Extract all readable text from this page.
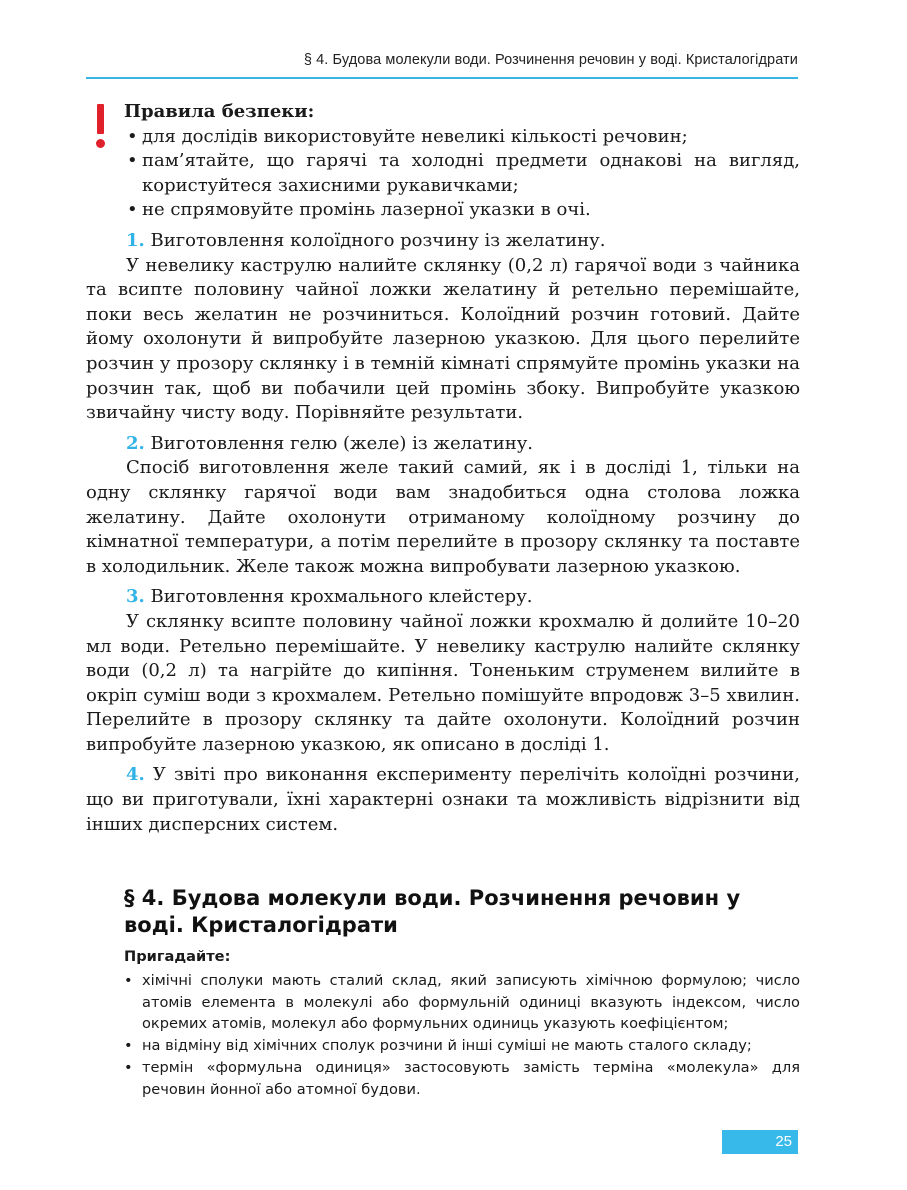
§ 4. Будова молекули води. Розчинення речовин у воді. Кристалогідрати

Правила безпеки:

• для дослідів використовуйте невеликі кількості речовин;
• пам’ятайте, що гарячі та холодні предмети однакові на вигляд, користуйтеся захисними рукавичками;
• не спрямовуйте промінь лазерної указки в очі.

1. Виготовлення колоїдного розчину із желатину.

У невелику каструлю налийте склянку (0,2 л) гарячої води з чайника та всипте половину чайної ложки желатину й ретельно перемішайте, поки весь желатин не розчиниться. Колоїдний розчин готовий. Дайте йому охолонути й випробуйте лазерною указкою. Для цього перелийте розчин у прозору склянку і в темній кімнаті спрямуйте промінь указки на розчин так, щоб ви побачили цей промінь збоку. Випробуйте указкою звичайну чисту воду. Порівняйте результати.

2. Виготовлення гелю (желе) із желатину.

Спосіб виготовлення желе такий самий, як і в досліді 1, тільки на одну склянку гарячої води вам знадобиться одна столова ложка желатину. Дайте охолонути отриманому колоїдному розчину до кімнатної температури, а потім перелийте в прозору склянку та поставте в холодильник. Желе також можна випробувати лазерною указкою.

3. Виготовлення крохмального клейстеру.

У склянку всипте половину чайної ложки крохмалю й долийте 10–20 мл води. Ретельно перемішайте. У невелику каструлю налийте склянку води (0,2 л) та нагрійте до кипіння. Тоненьким струменем вилийте в окріп суміш води з крохмалем. Ретельно помішуйте впродовж 3–5 хвилин. Перелийте в прозору склянку та дайте охолонути. Колоїдний розчин випробуйте лазерною указкою, як описано в досліді 1.

4. У звіті про виконання експерименту перелічіть колоїдні розчини, що ви приготували, їхні характерні ознаки та можливість відрізнити від інших дисперсних систем.

§ 4. Будова молекули води. Розчинення речовин у воді. Кристалогідрати

Пригадайте:

• хімічні сполуки мають сталий склад, який записують хімічною формулою; число атомів елемента в молекулі або формульній одиниці вказують індексом, число окремих атомів, молекул або формульних одиниць указують коефіцієнтом;
• на відміну від хімічних сполук розчини й інші суміші не мають сталого складу;
• термін «формульна одиниця» застосовують замість терміна «молекула» для речовин йонної або атомної будови.
25
